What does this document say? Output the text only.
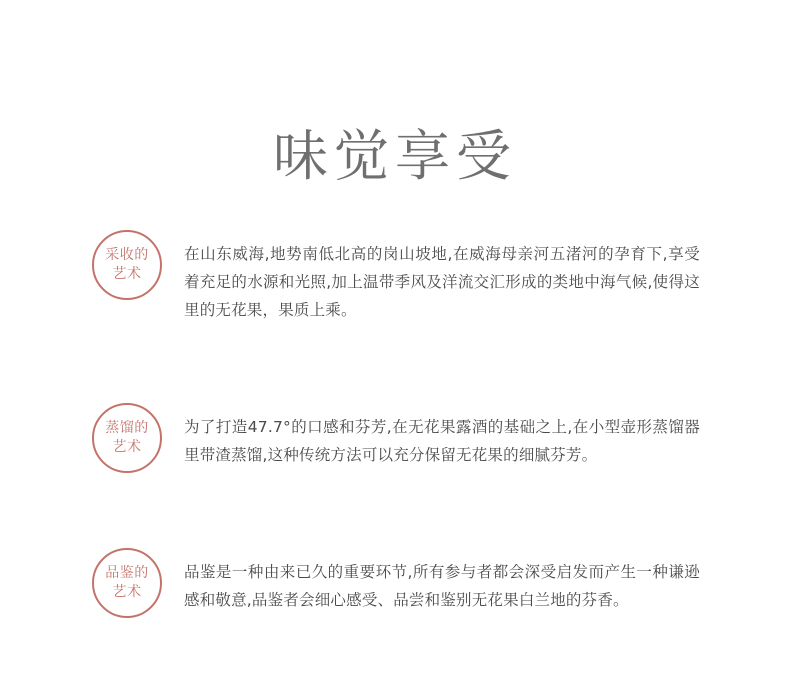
味觉享受
采收的
艺术

在山东威海,地势南低北高的岗山坡地,在威海母亲河五渚河的孕育下,享受着充足的水源和光照,加上温带季风及洋流交汇形成的类地中海气候,使得这里的无花果，果质上乘。

蒸馏的
艺术

为了打造47.7°的口感和芬芳,在无花果露酒的基础之上,在小型壶形蒸馏器里带渣蒸馏,这种传统方法可以充分保留无花果的细腻芬芳。

品鉴的
艺术

品鉴是一种由来已久的重要环节,所有参与者都会深受启发而产生一种谦逊感和敬意,品鉴者会细心感受、品尝和鉴别无花果白兰地的芬香。
